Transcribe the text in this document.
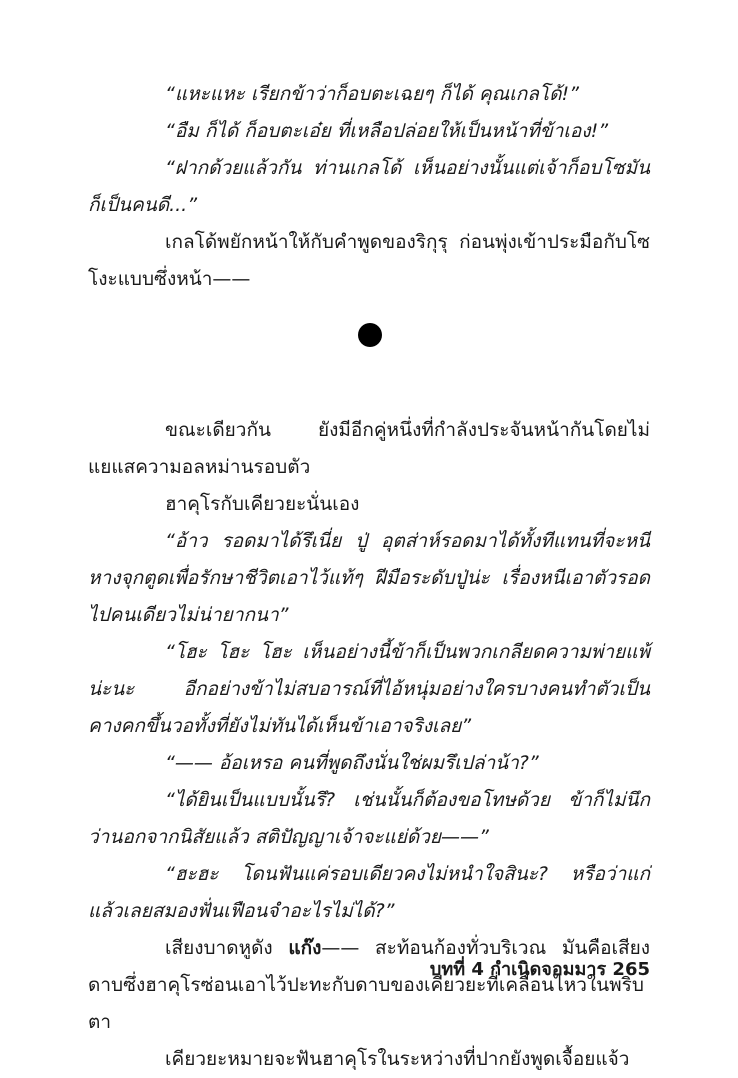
“แหะแหะ เรียกข้าว่าก็อบตะเฉยๆ ก็ได้ คุณเกลโด้!”

“อืม ก็ได้ ก็อบตะเอ๋ย ที่เหลือปล่อยให้เป็นหน้าที่ข้าเอง!”

“ฝากด้วยแล้วกัน ท่านเกลโด้ เห็นอย่างนั้นแต่เจ้าก็อบโซมันก็เป็นคนดี...”

เกลโด้พยักหน้าให้กับคำพูดของริกุรุ ก่อนพุ่งเข้าประมือกับโซโงะแบบซึ่งหน้า——

ขณะเดียวกัน ยังมีอีกคู่หนึ่งที่กำลังประจันหน้ากันโดยไม่แยแสความอลหม่านรอบตัว

ฮาคุโรกับเคียวยะนั่นเอง

“อ้าว รอดมาได้รึเนี่ย ปู่ อุตส่าห์รอดมาได้ทั้งทีแทนที่จะหนีหางจุกตูดเพื่อรักษาชีวิตเอาไว้แท้ๆ ฝีมือระดับปู่น่ะ เรื่องหนีเอาตัวรอดไปคนเดียวไม่น่ายากนา”

“โฮะ โฮะ โฮะ เห็นอย่างนี้ข้าก็เป็นพวกเกลียดความพ่ายแพ้น่ะนะ อีกอย่างข้าไม่สบอารณ์ที่ไอ้หนุ่มอย่างใครบางคนทำตัวเป็นคางคกขึ้นวอทั้งที่ยังไม่ทันได้เห็นข้าเอาจริงเลย”

“—— อ้อเหรอ คนที่พูดถึงนั่นใช่ผมรึเปล่าน้า?”

“ได้ยินเป็นแบบนั้นรึ? เช่นนั้นก็ต้องขอโทษด้วย ข้าก็ไม่นึกว่านอกจากนิสัยแล้ว สติปัญญาเจ้าจะแย่ด้วย——”

“ฮะฮะ โดนฟันแค่รอบเดียวคงไม่หนำใจสินะ? หรือว่าแก่แล้วเลยสมองฟั่นเฟือนจำอะไรไม่ได้?”

เสียงบาดหูดัง แก๊ง—— สะท้อนก้องทั่วบริเวณ มันคือเสียงดาบซึ่งฮาคุโรซ่อนเอาไว้ปะทะกับดาบของเคียวยะที่เคลื่อนไหวในพริบตา

เคียวยะหมายจะฟันฮาคุโรในระหว่างที่ปากยังพูดเจื้อยแจ้ว

บทที่ 4 กำเนิดจอมมาร 265
